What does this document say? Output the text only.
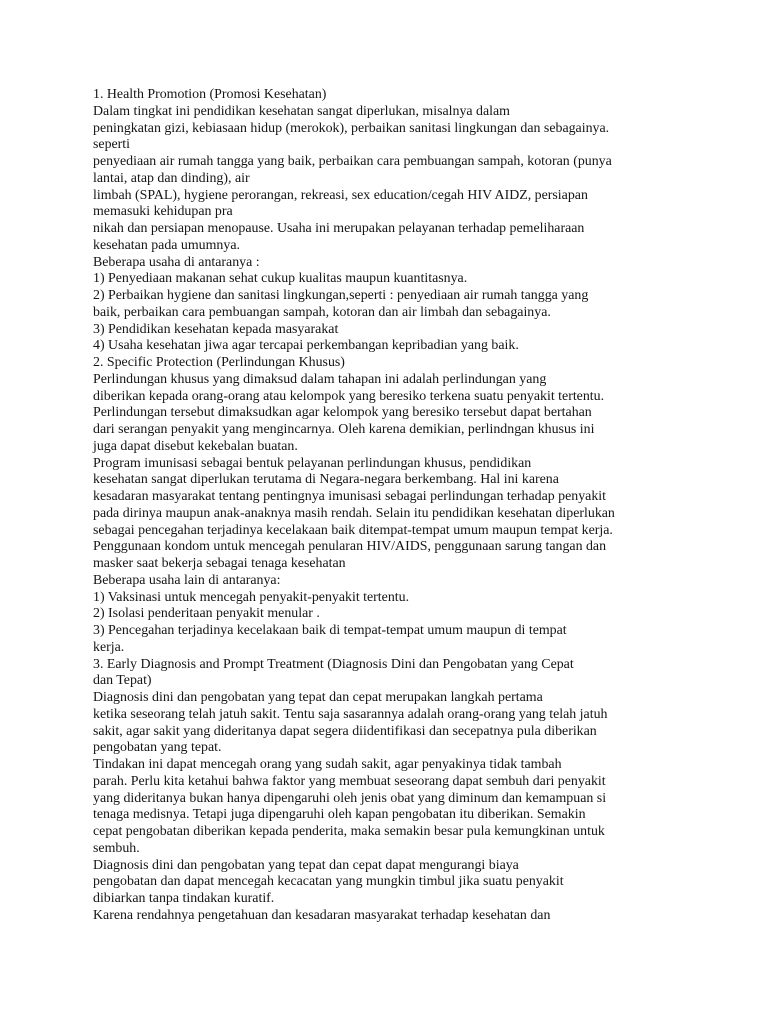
1. Health Promotion (Promosi Kesehatan)
Dalam tingkat ini pendidikan kesehatan sangat diperlukan, misalnya dalam
peningkatan gizi, kebiasaan hidup (merokok), perbaikan sanitasi lingkungan dan sebagainya.
seperti
penyediaan air rumah tangga yang baik, perbaikan cara pembuangan sampah, kotoran (punya
lantai, atap dan dinding), air
limbah (SPAL), hygiene perorangan, rekreasi, sex education/cegah HIV AIDZ, persiapan
memasuki kehidupan pra
nikah dan persiapan menopause. Usaha ini merupakan pelayanan terhadap pemeliharaan
kesehatan pada umumnya.
Beberapa usaha di antaranya :
1) Penyediaan makanan sehat cukup kualitas maupun kuantitasnya.
2) Perbaikan hygiene dan sanitasi lingkungan,seperti : penyediaan air rumah tangga yang
baik, perbaikan cara pembuangan sampah, kotoran dan air limbah dan sebagainya.
3) Pendidikan kesehatan kepada masyarakat
4) Usaha kesehatan jiwa agar tercapai perkembangan kepribadian yang baik.
2. Specific Protection (Perlindungan Khusus)
Perlindungan khusus yang dimaksud dalam tahapan ini adalah perlindungan yang
diberikan kepada orang-orang atau kelompok yang beresiko terkena suatu penyakit tertentu.
Perlindungan tersebut dimaksudkan agar kelompok yang beresiko tersebut dapat bertahan
dari serangan penyakit yang mengincarnya. Oleh karena demikian, perlindngan khusus ini
juga dapat disebut kekebalan buatan.
Program imunisasi sebagai bentuk pelayanan perlindungan khusus, pendidikan
kesehatan sangat diperlukan terutama di Negara-negara berkembang. Hal ini karena
kesadaran masyarakat tentang pentingnya imunisasi sebagai perlindungan terhadap penyakit
pada dirinya maupun anak-anaknya masih rendah. Selain itu pendidikan kesehatan diperlukan
sebagai pencegahan terjadinya kecelakaan baik ditempat-tempat umum maupun tempat kerja.
Penggunaan kondom untuk mencegah penularan HIV/AIDS, penggunaan sarung tangan dan
masker saat bekerja sebagai tenaga kesehatan
Beberapa usaha lain di antaranya:
1) Vaksinasi untuk mencegah penyakit-penyakit tertentu.
2) Isolasi penderitaan penyakit menular .
3) Pencegahan terjadinya kecelakaan baik di tempat-tempat umum maupun di tempat
kerja.
3. Early Diagnosis and Prompt Treatment (Diagnosis Dini dan Pengobatan yang Cepat
dan Tepat)
Diagnosis dini dan pengobatan yang tepat dan cepat merupakan langkah pertama
ketika seseorang telah jatuh sakit. Tentu saja sasarannya adalah orang-orang yang telah jatuh
sakit, agar sakit yang dideritanya dapat segera diidentifikasi dan secepatnya pula diberikan
pengobatan yang tepat.
Tindakan ini dapat mencegah orang yang sudah sakit, agar penyakinya tidak tambah
parah. Perlu kita ketahui bahwa faktor yang membuat seseorang dapat sembuh dari penyakit
yang dideritanya bukan hanya dipengaruhi oleh jenis obat yang diminum dan kemampuan si
tenaga medisnya. Tetapi juga dipengaruhi oleh kapan pengobatan itu diberikan. Semakin
cepat pengobatan diberikan kepada penderita, maka semakin besar pula kemungkinan untuk
sembuh.
Diagnosis dini dan pengobatan yang tepat dan cepat dapat mengurangi biaya
pengobatan dan dapat mencegah kecacatan yang mungkin timbul jika suatu penyakit
dibiarkan tanpa tindakan kuratif.
Karena rendahnya pengetahuan dan kesadaran masyarakat terhadap kesehatan dan
